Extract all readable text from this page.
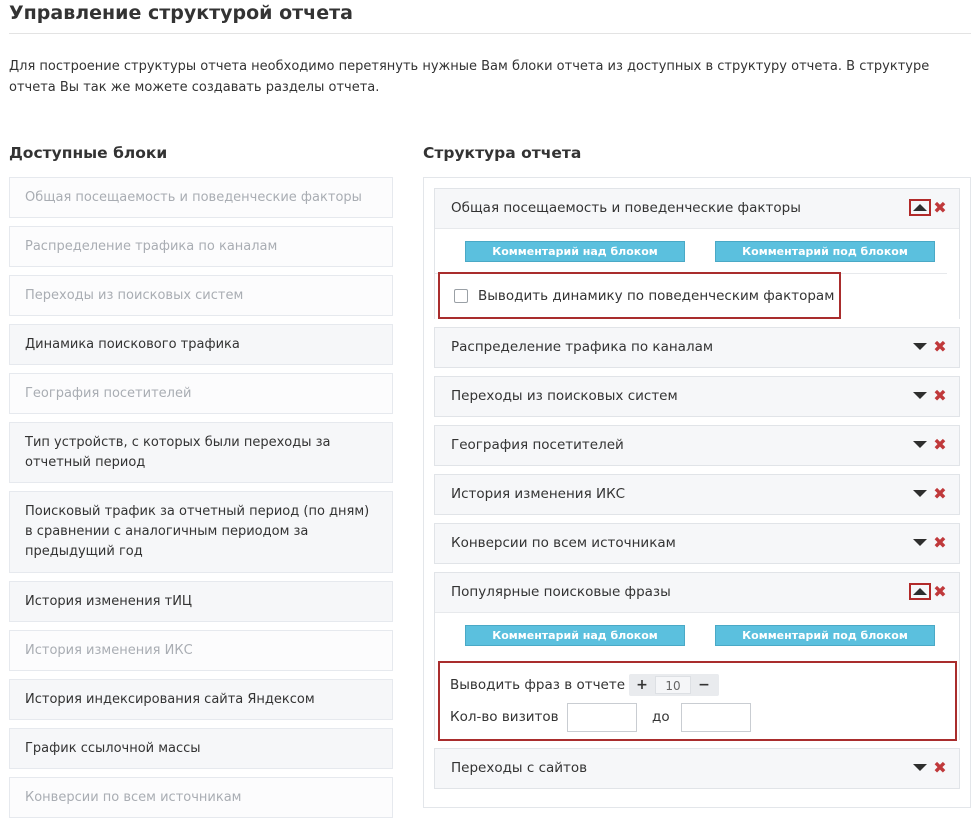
Управление структурой отчета

Для построение структуры отчета необходимо перетянуть нужные Вам блоки отчета из доступных в структуру отчета. В структуре отчета Вы так же можете создавать разделы отчета.

Доступные блоки	Структура отчета
Общая посещаемость и поведенческие факторы
Распределение трафика по каналам
Переходы из поисковых систем
Динамика поискового трафика
География посетителей
Тип устройств, с которых были переходы за отчетный период
Поисковый трафик за отчетный период (по дням) в сравнении с аналогичным периодом за предыдущий год
История изменения тИЦ
История изменения ИКС
История индексирования сайта Яндексом
График ссылочной массы
Конверсии по всем источникам
Общая посещаемость и поведенческие факторы	✖
Комментарий над блоком	Комментарий под блоком
Выводить динамику по поведенческим факторам
Распределение трафика по каналам	✖
Переходы из поисковых систем	✖
География посетителей	✖
История изменения ИКС	✖
Конверсии по всем источникам	✖
Популярные поисковые фразы	✖
Комментарий над блоком	Комментарий под блоком
Выводить фраз в отчете +	10	−
Кол-во визитов	до
Переходы с сайтов	✖
